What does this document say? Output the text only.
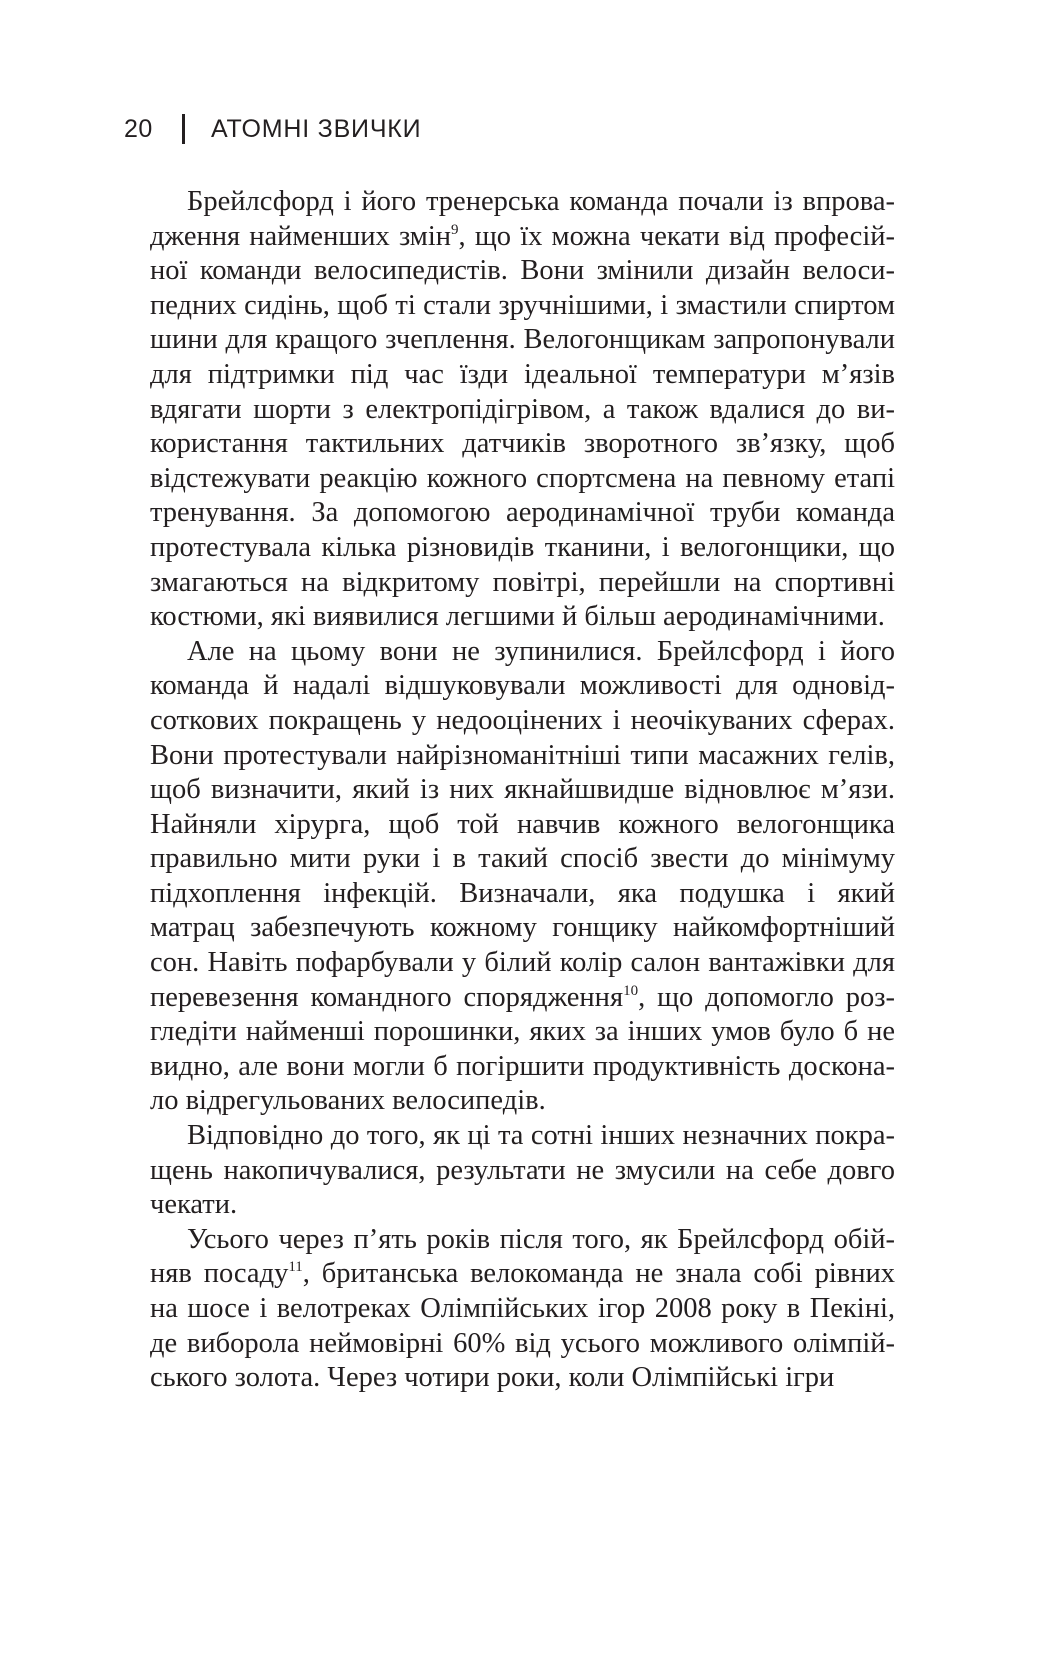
20	АТОМНІ ЗВИЧКИ

Брейлсфорд і його тренерська команда почали із впровадження найменших змін$^9$, що їх можна чекати від професійної команди велосипедистів. Вони змінили дизайн велосипедних сидінь, щоб ті стали зручнішими, і змастили спиртом шини для кращого зчеплення. Велогонщикам запропонували для підтримки під час їзди ідеальної температури м’язів вдягати шорти з електропідігрівом, а також вдалися до використання тактильних датчиків зворотного зв’язку, щоб відстежувати реакцію кожного спортсмена на певному етапі тренування. За допомогою аеродинамічної труби команда протестувала кілька різновидів тканини, і велогонщики, що змагаються на відкритому повітрі, перейшли на спортивні костюми, які виявилися легшими й більш аеродинамічними.

Але на цьому вони не зупинилися. Брейлсфорд і його команда й надалі відшуковували можливості для одновідсоткових покращень у недооцінених і неочікуваних сферах. Вони протестували найрізноманітніші типи масажних гелів, щоб визначити, який із них якнайшвидше відновлює м’язи. Найняли хірурга, щоб той навчив кожного велогонщика правильно мити руки і в такий спосіб звести до мінімуму підхоплення інфекцій. Визначали, яка подушка і який матрац забезпечують кожному гонщику найкомфортніший сон. Навіть пофарбували у білий колір салон вантажівки для перевезення командного спорядження$^{10}$, що допомогло розгледіти найменші порошинки, яких за інших умов було б не видно, але вони могли б погіршити продуктивність досконало відрегульованих велосипедів.

Відповідно до того, як ці та сотні інших незначних покращень накопичувалися, результати не змусили на себе довго чекати.

Усього через п’ять років після того, як Брейлсфорд обійняв посаду$^{11}$, британська велокоманда не знала собі рівних на шосе і велотреках Олімпійських ігор 2008 року в Пекіні, де виборола неймовірні 60% від усього можливого олімпійського золота. Через чотири роки, коли Олімпійські ігри
